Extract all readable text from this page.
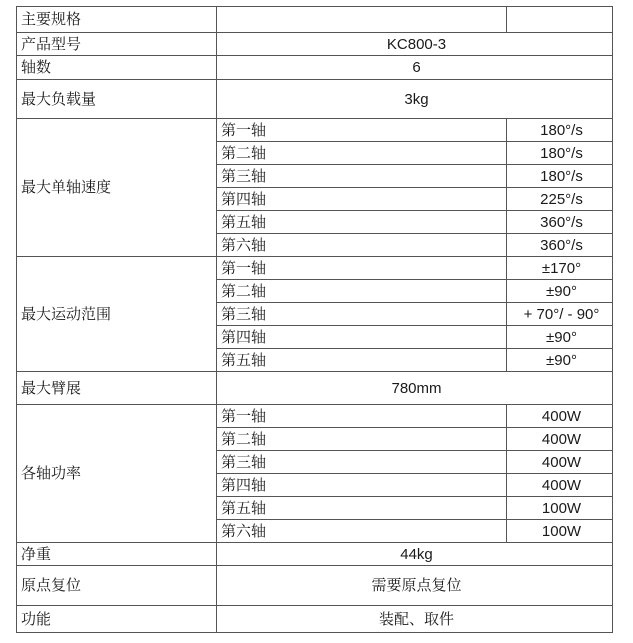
主要规格		
产品型号	KC800-3	
轴数	6	
最大负载量	3kg	
最大单轴速度	第一轴	180°/s
	第二轴	180°/s
	第三轴	180°/s
	第四轴	225°/s
	第五轴	360°/s
	第六轴	360°/s
最大运动范围	第一轴	±170°
	第二轴	±90°
	第三轴	+ 70°/ - 90°
	第四轴	±90°
	第五轴	±90°
最大臂展	780mm	
各轴功率	第一轴	400W
	第二轴	400W
	第三轴	400W
	第四轴	400W
	第五轴	100W
	第六轴	100W
净重	44kg	
原点复位	需要原点复位	
功能	装配、取件	
